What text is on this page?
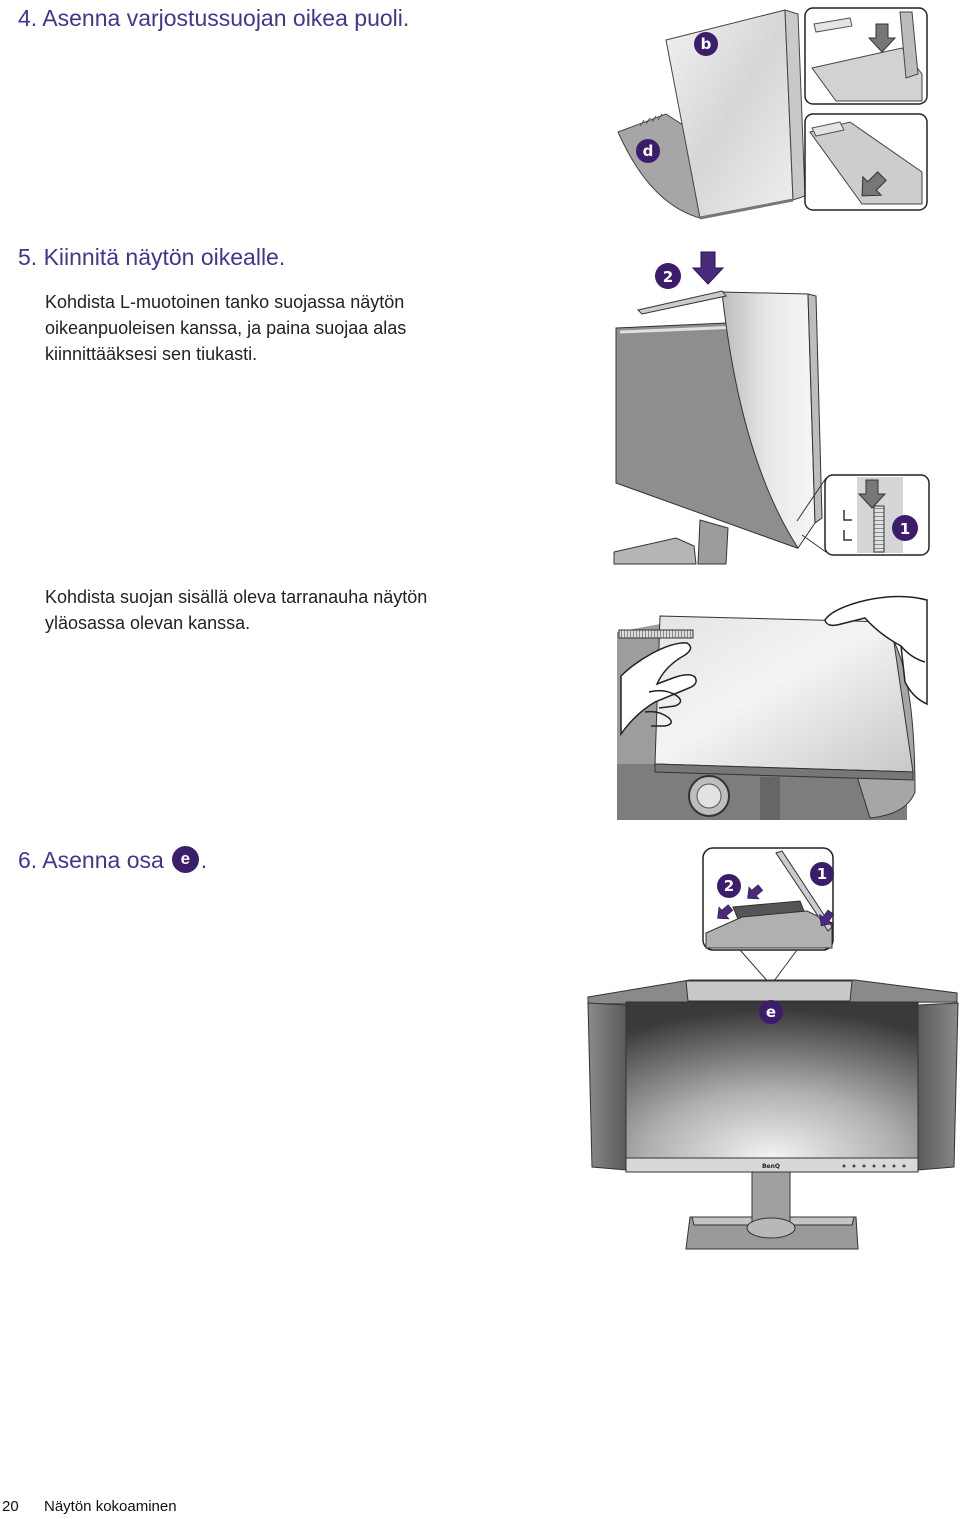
4. Asenna varjostussuojan oikea puoli.
b
d
5. Kiinnitä näytön oikealle.

Kohdista L-muotoinen tanko suojassa näytön
oikeanpuoleisen kanssa, ja paina suojaa alas
kiinnittääksesi sen tiukasti.

2
1

Kohdista suojan sisällä oleva tarranauha näytön
yläosassa olevan kanssa.

6. Asenna osa e .
2
1
BenQ
e
20 Näytön kokoaminen
